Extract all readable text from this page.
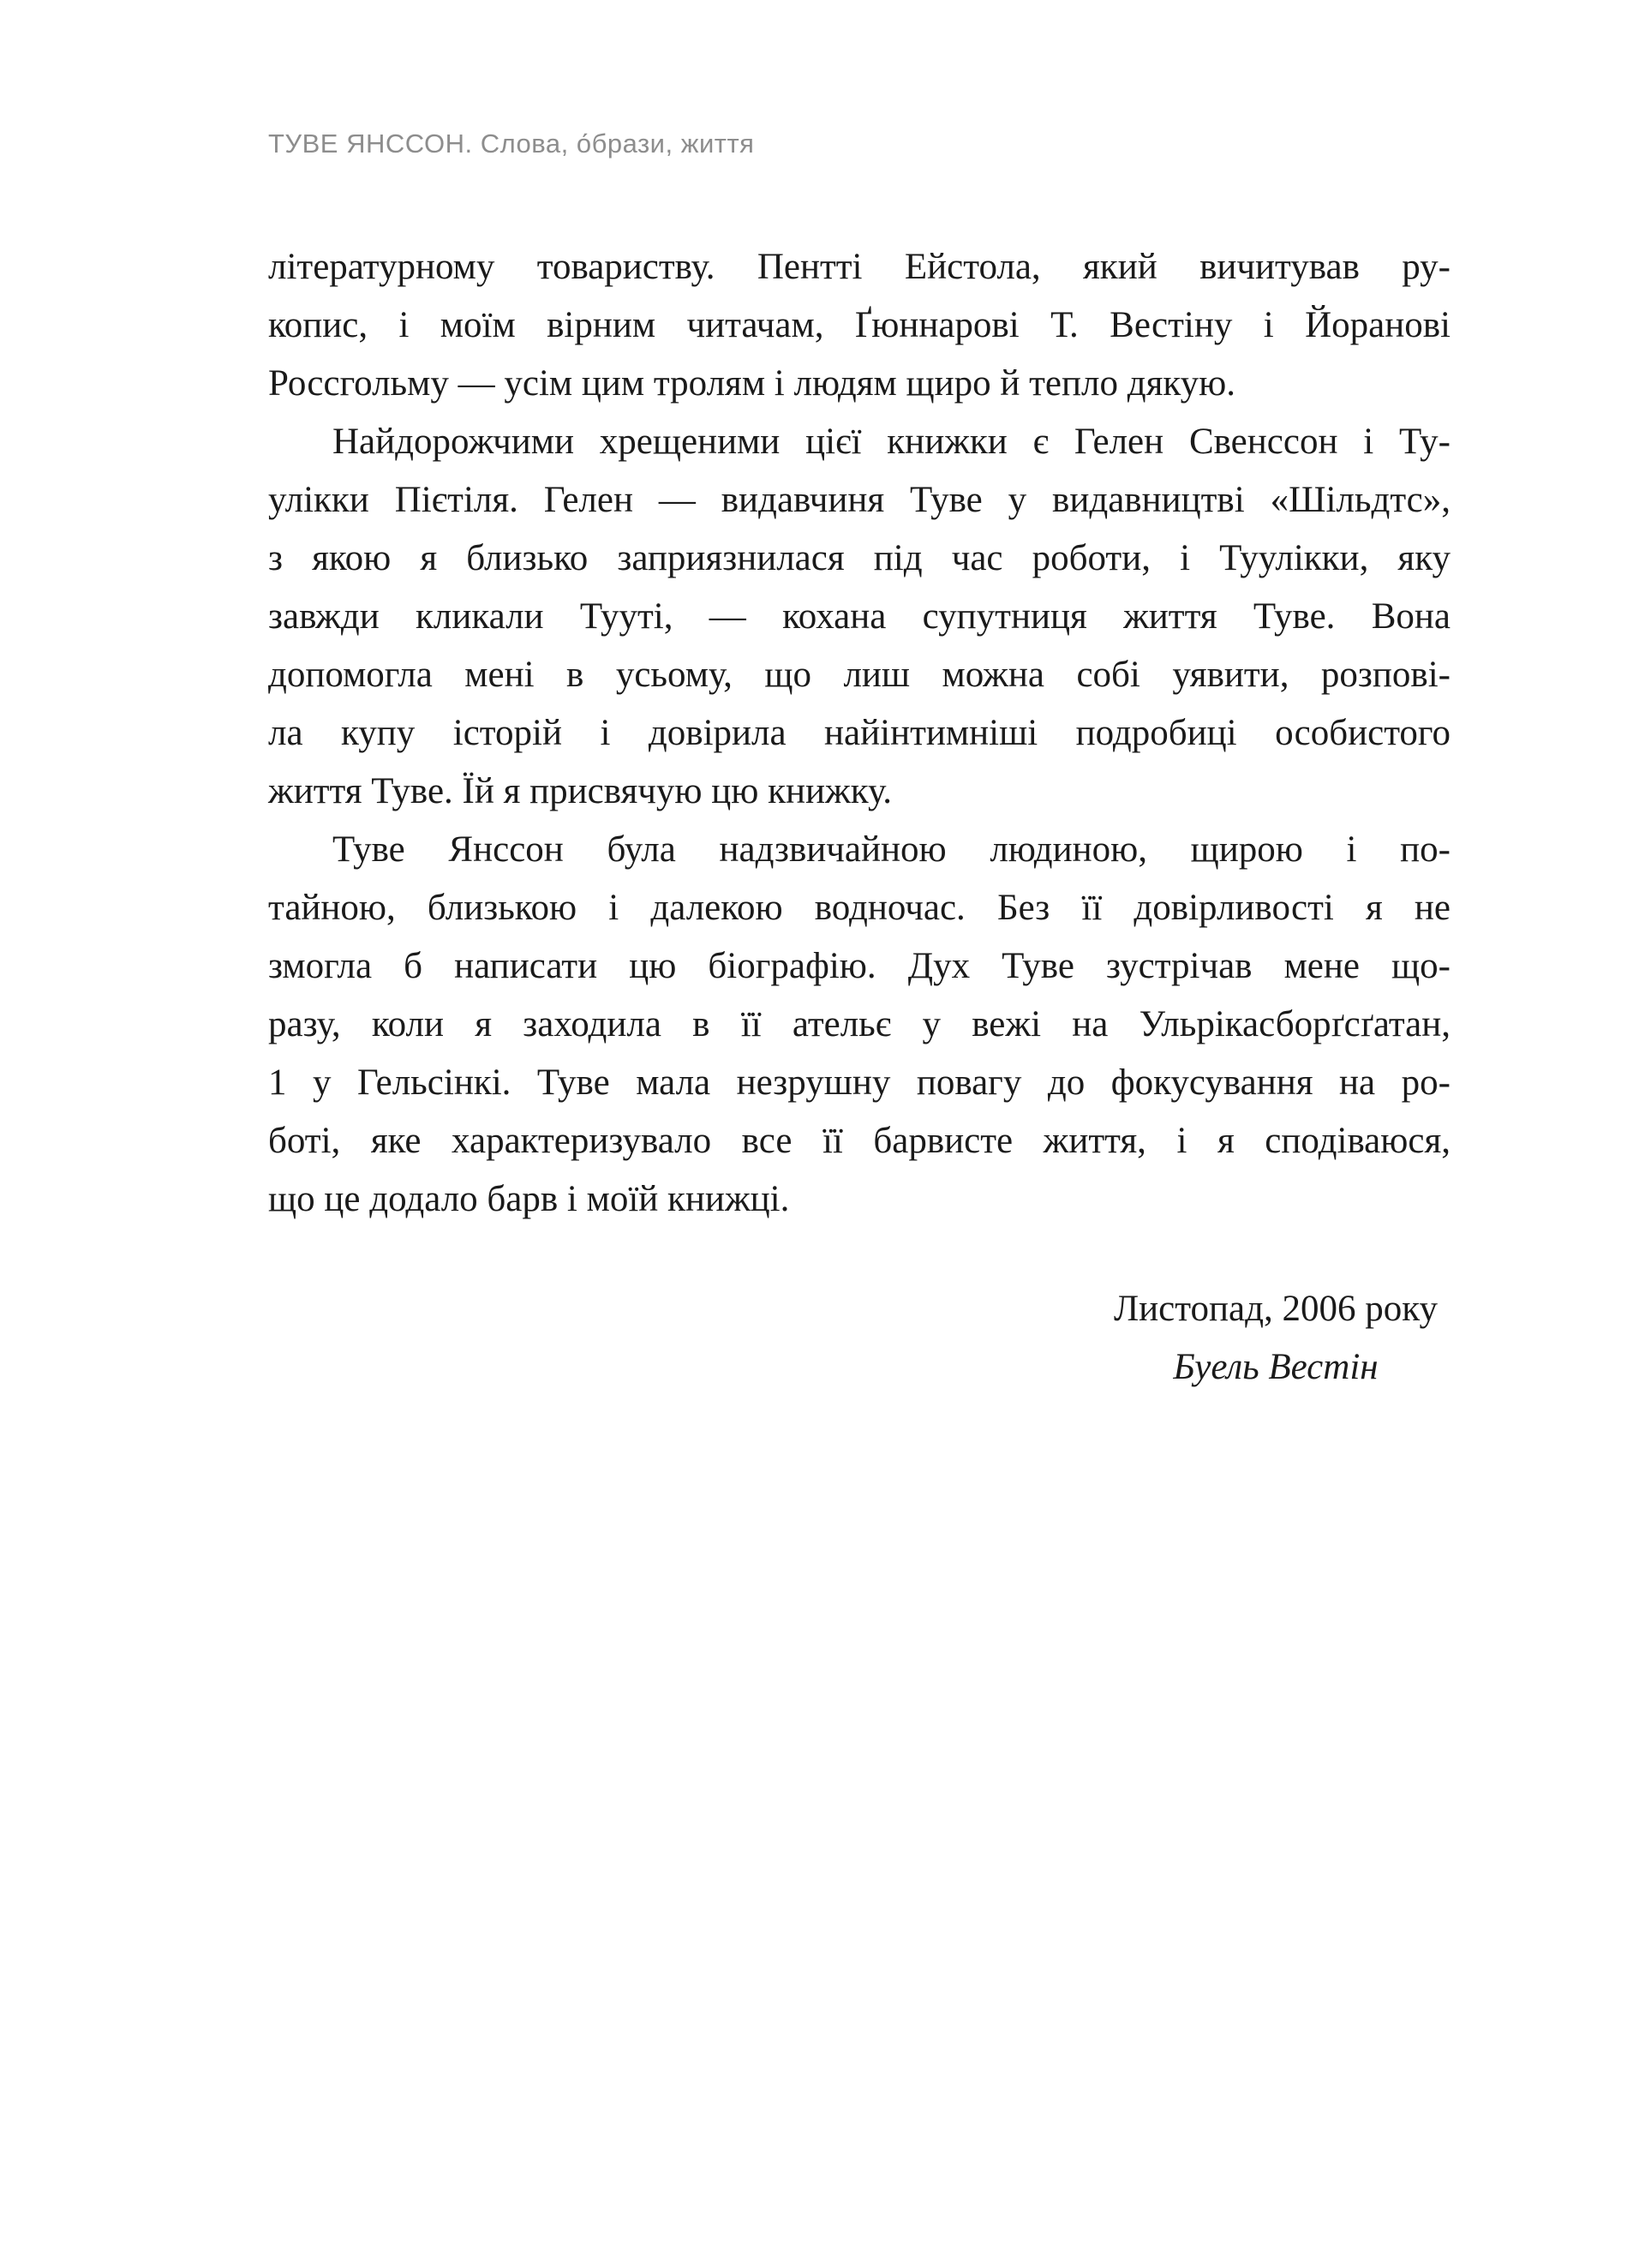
ТУВЕ ЯНССОН. Слова, о́брази, життя
літературному товариству. Пентті Ейстола, який вичитував ру-
копис, і моїм вірним читачам, Ґюннарові Т. Вестіну і Йоранові
Россгольму — усім цим тролям і людям щиро й тепло дякую.
Найдорожчими хрещеними цієї книжки є Гелен Свенссон і Ту-
улікки Пієтіля. Гелен — видавчиня Туве у видавництві «Шільдтс»,
з якою я близько заприязнилася під час роботи, і Туулікки, яку
завжди кликали Тууті, — кохана супутниця життя Туве. Вона
допомогла мені в усьому, що лиш можна собі уявити, розпові-
ла купу історій і довірила найінтимніші подробиці особистого
життя Туве. Їй я присвячую цю книжку.
Туве Янссон була надзвичайною людиною, щирою і по-
тайною, близькою і далекою водночас. Без її довірливості я не
змогла б написати цю біографію. Дух Туве зустрічав мене що-
разу, коли я заходила в її ательє у вежі на Ульрікасборґсґатан,
1 у Гельсінкі. Туве мала незрушну повагу до фокусування на ро-
боті, яке характеризувало все її барвисте життя, і я сподіваюся,
що це додало барв і моїй книжці.
Листопад, 2006 року
Буель Вестін
